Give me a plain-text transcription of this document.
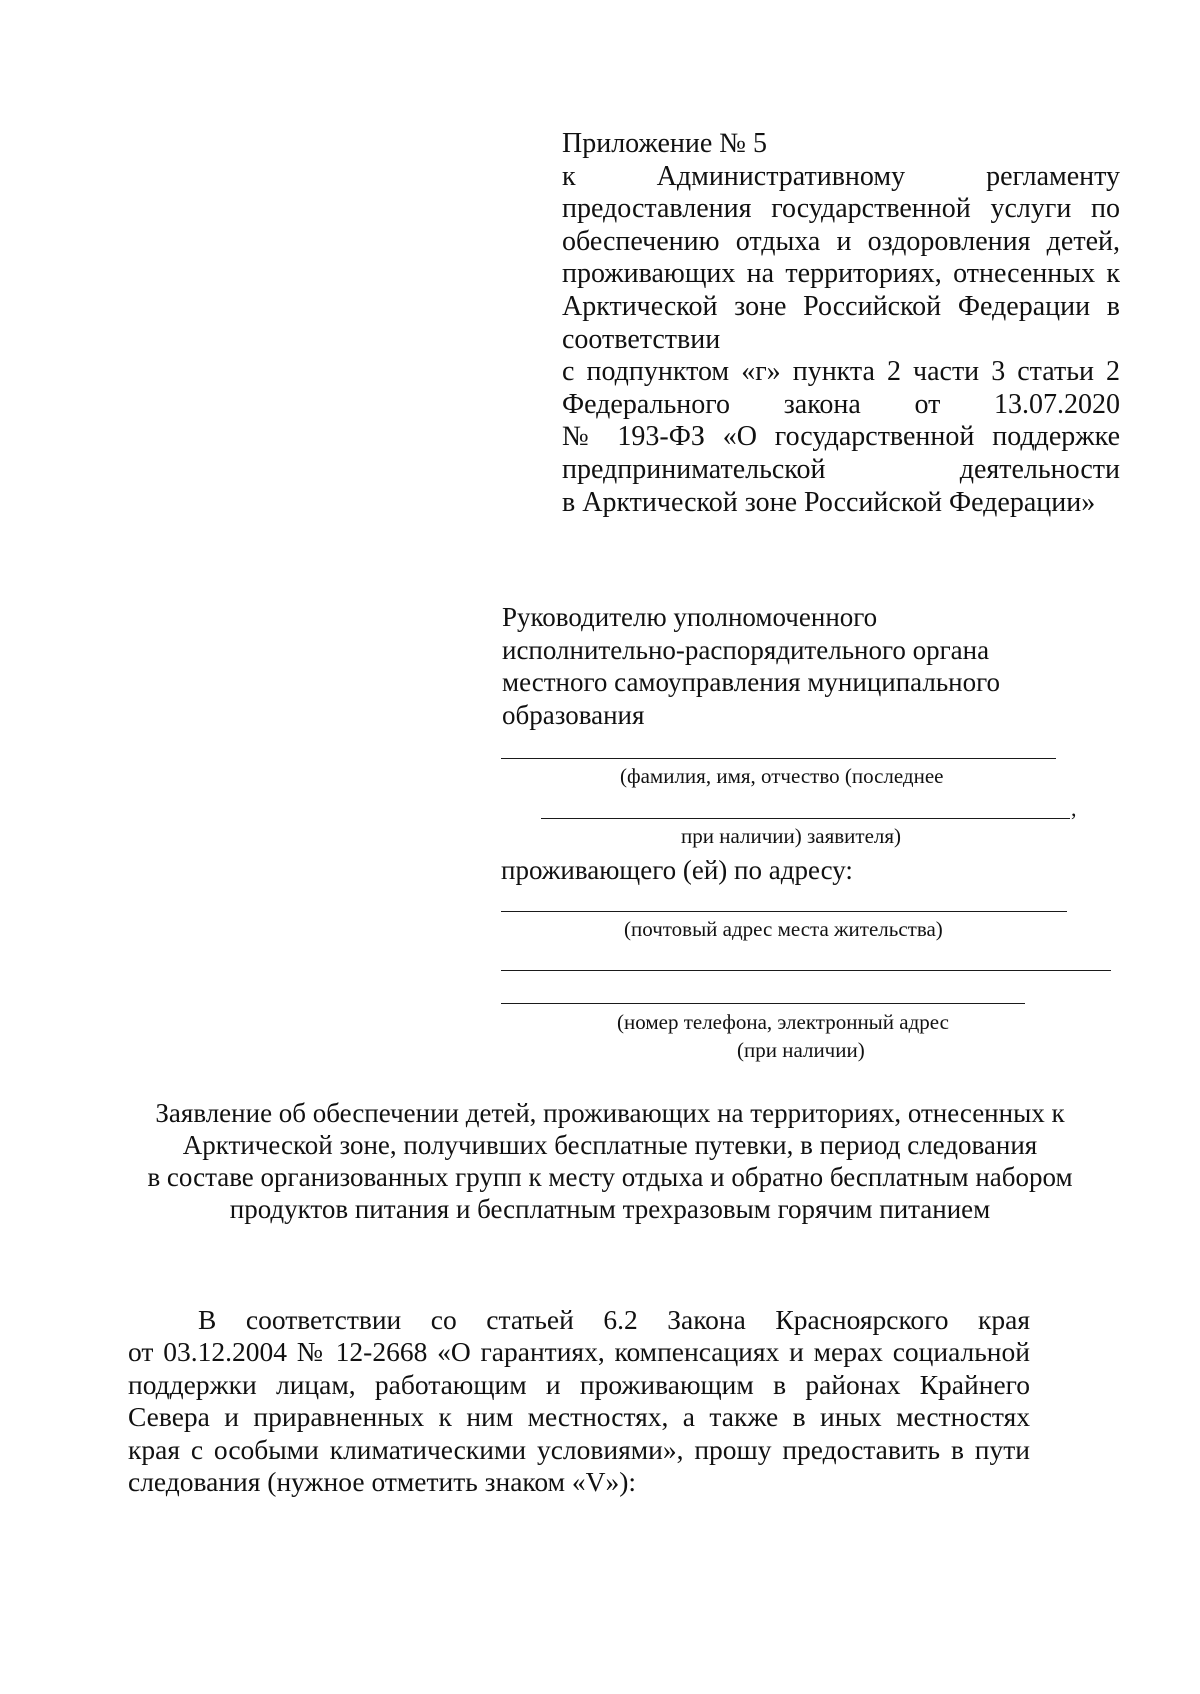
Приложение № 5
к Административному регламенту
предоставления государственной услуги по
обеспечению отдыха и оздоровления детей,
проживающих на территориях, отнесенных к
Арктической зоне Российской Федерации в
соответствии
с подпунктом «г» пункта 2 части 3 статьи 2
Федерального закона от 13.07.2020
№ 193-ФЗ «О государственной поддержке
предпринимательской деятельности
в Арктической зоне Российской Федерации»
Руководителю уполномоченного
исполнительно-распорядительного органа
местного самоуправления муниципального
образования
(фамилия, имя, отчество (последнее
,
при наличии) заявителя)
проживающего (ей) по адресу:
(почтовый адрес места жительства)
(номер телефона, электронный адрес
(при наличии)
Заявление об обеспечении детей, проживающих на территориях, отнесенных к
Арктической зоне, получивших бесплатные путевки, в период следования
в составе организованных групп к месту отдыха и обратно бесплатным набором
продуктов питания и бесплатным трехразовым горячим питанием
В соответствии со статьей 6.2 Закона Красноярского края
от 03.12.2004 № 12-2668 «О гарантиях, компенсациях и мерах социальной
поддержки лицам, работающим и проживающим в районах Крайнего
Севера и приравненных к ним местностях, а также в иных местностях
края с особыми климатическими условиями», прошу предоставить в пути
следования (нужное отметить знаком «V»):
